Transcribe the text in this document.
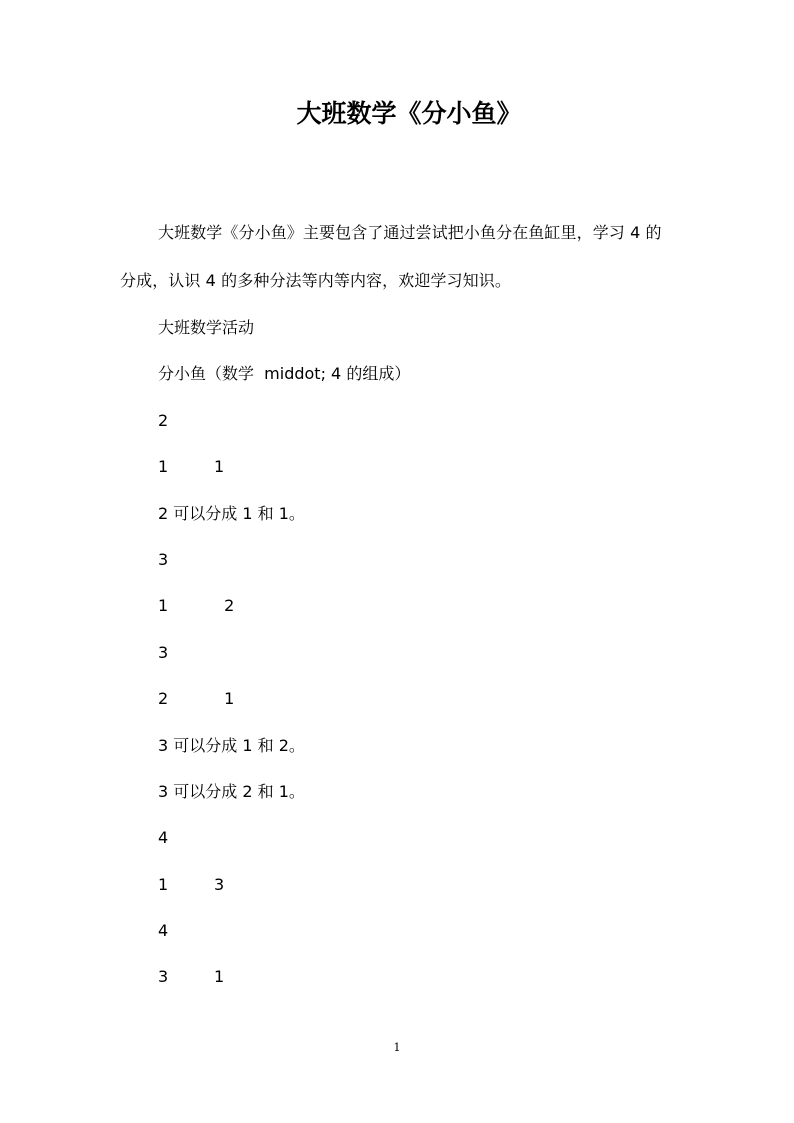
大班数学《分小鱼》

大班数学《分小鱼》主要包含了通过尝试把小鱼分在鱼缸里，学习 4 的分成，认识 4 的多种分法等内等内容，欢迎学习知识。

大班数学活动
分小鱼（数学  middot; 4 的组成）
2
1         1
2 可以分成 1 和 1。
3
1           2
3
2           1
3 可以分成 1 和 2。
3 可以分成 2 和 1。
4
1         3
4
3         1
1
